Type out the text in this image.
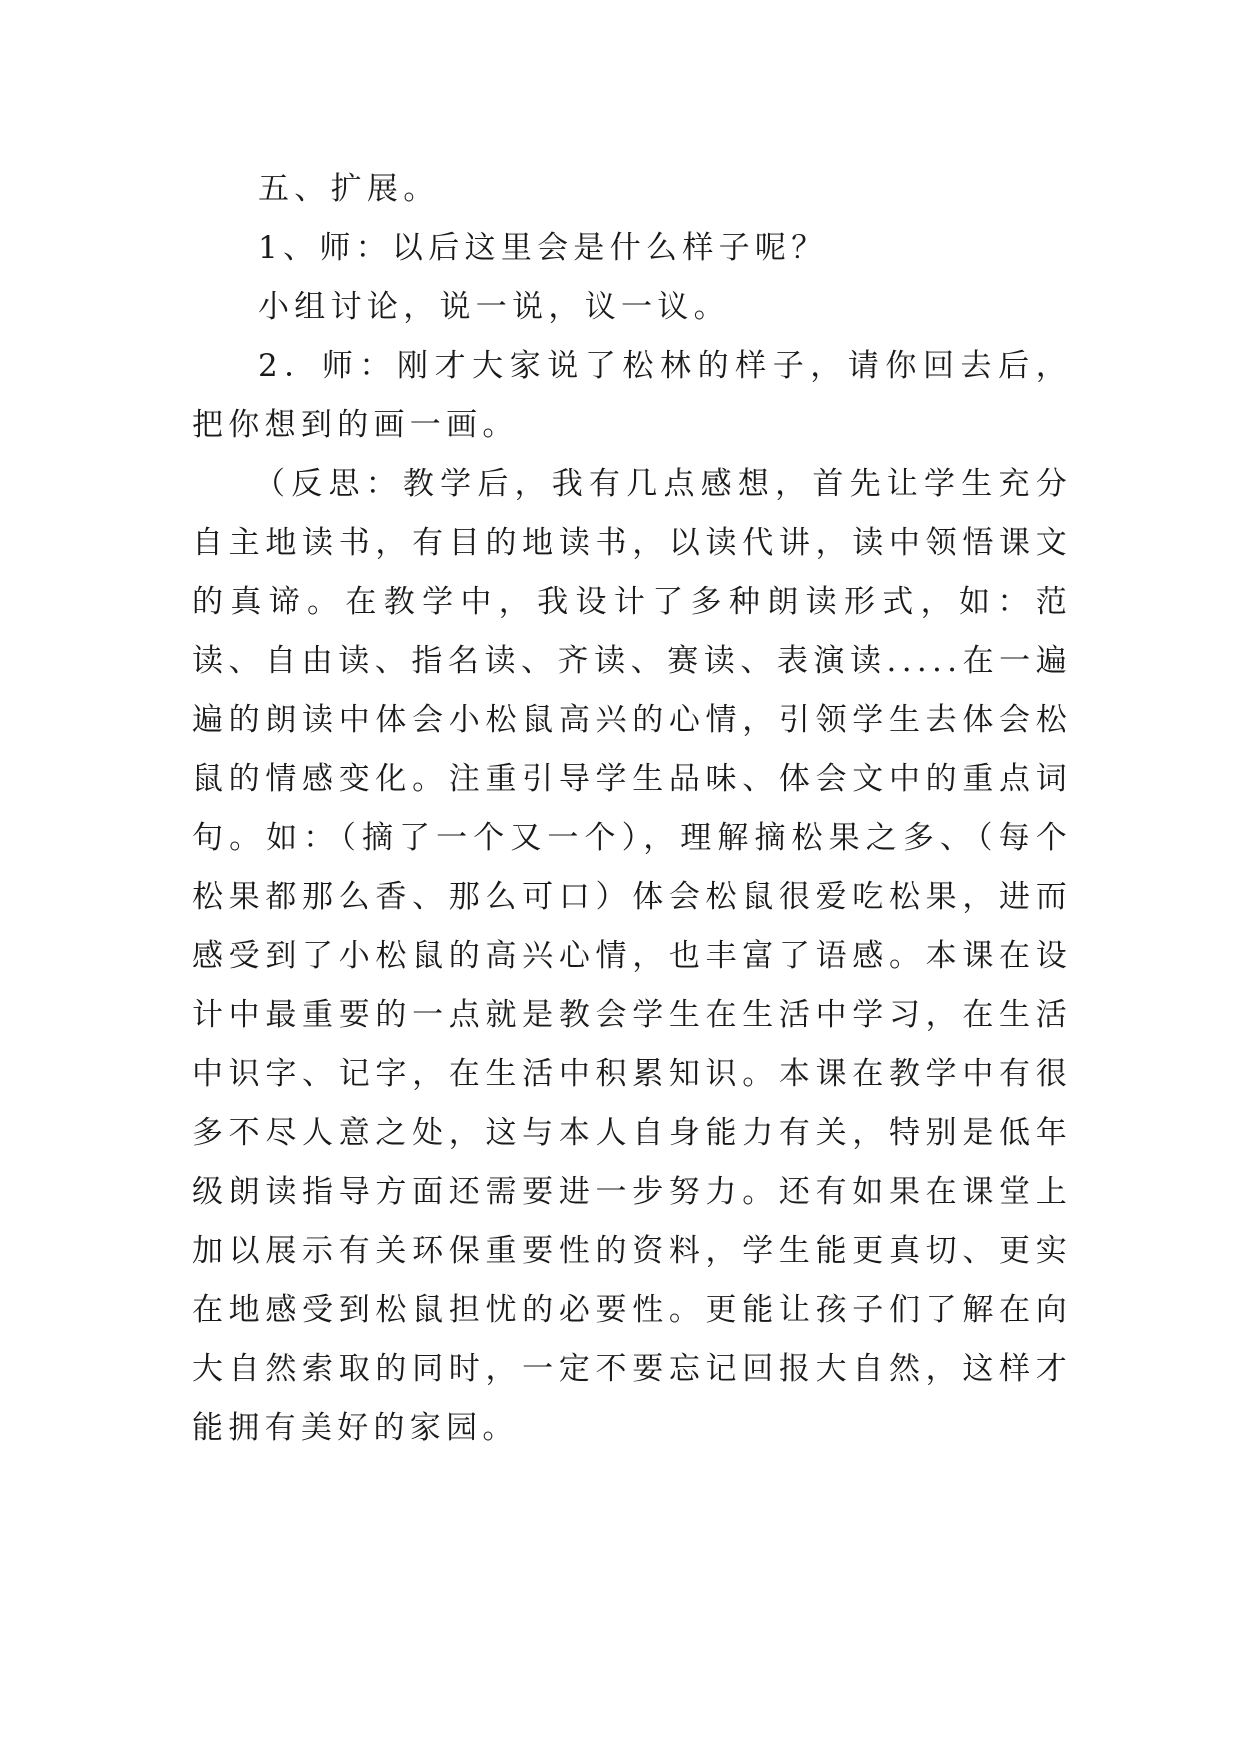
五、扩展。

1、师：以后这里会是什么样子呢？

小组讨论，说一说，议一议。

2．师：刚才大家说了松林的样子，请你回去后，把你想到的画一画。

（反思：教学后，我有几点感想，首先让学生充分自主地读书，有目的地读书，以读代讲，读中领悟课文的真谛。在教学中，我设计了多种朗读形式，如：范读、自由读、指名读、齐读、赛读、表演读.....在一遍遍的朗读中体会小松鼠高兴的心情，引领学生去体会松鼠的情感变化。注重引导学生品味、体会文中的重点词句。如：（摘了一个又一个），理解摘松果之多、（每个松果都那么香、那么可口）体会松鼠很爱吃松果，进而感受到了小松鼠的高兴心情，也丰富了语感。本课在设计中最重要的一点就是教会学生在生活中学习，在生活中识字、记字，在生活中积累知识。本课在教学中有很多不尽人意之处，这与本人自身能力有关，特别是低年级朗读指导方面还需要进一步努力。还有如果在课堂上加以展示有关环保重要性的资料，学生能更真切、更实在地感受到松鼠担忧的必要性。更能让孩子们了解在向大自然索取的同时，一定不要忘记回报大自然，这样才能拥有美好的家园。
